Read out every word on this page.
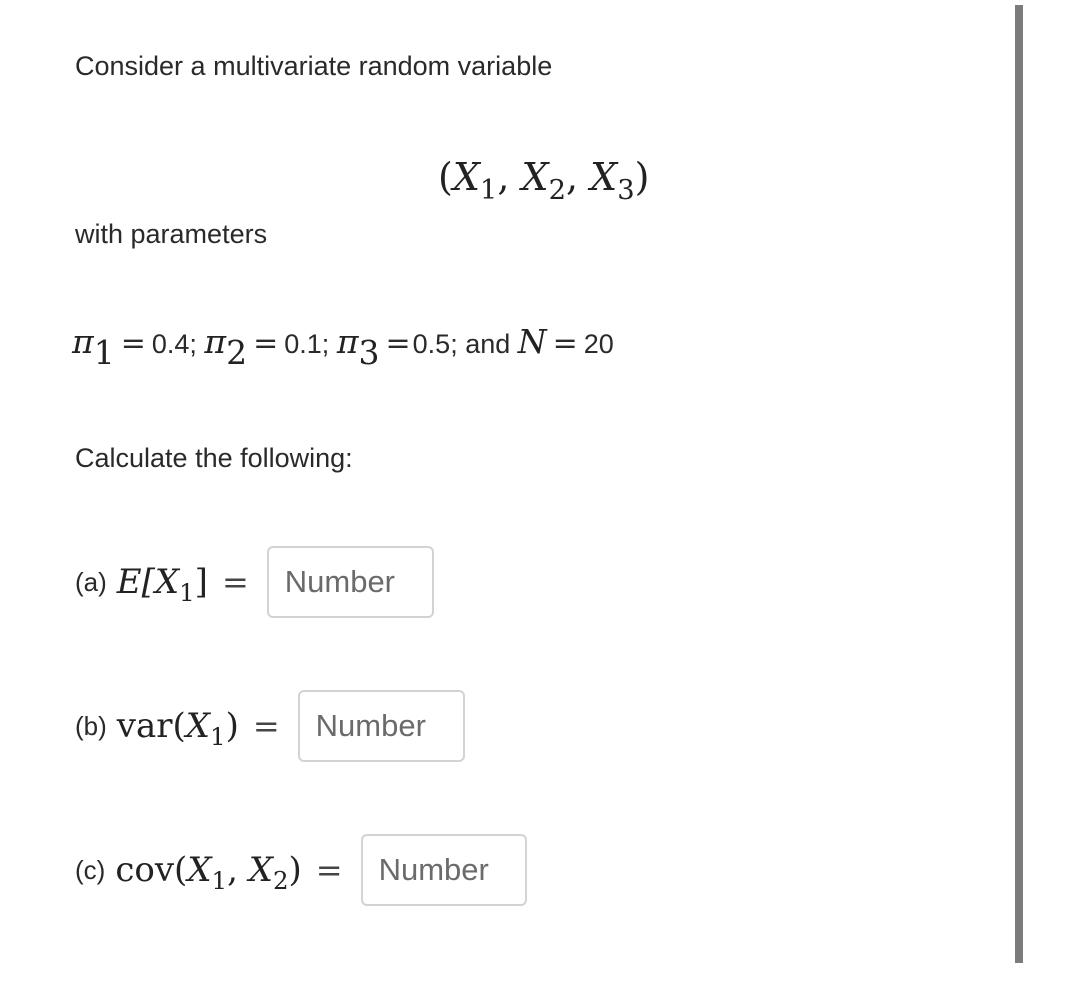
Consider a multivariate random variable
($X_1$, $X_2$, $X_3$)
with parameters
π1 = 0.4; π2 = 0.1; π3 =0.5; and N = 20
Calculate the following:
(a) $E[X_1]$ =
Number
(b) $var(X_1)$ =
Number
(c) $cov(X_1$, $X_2$) =
Number
